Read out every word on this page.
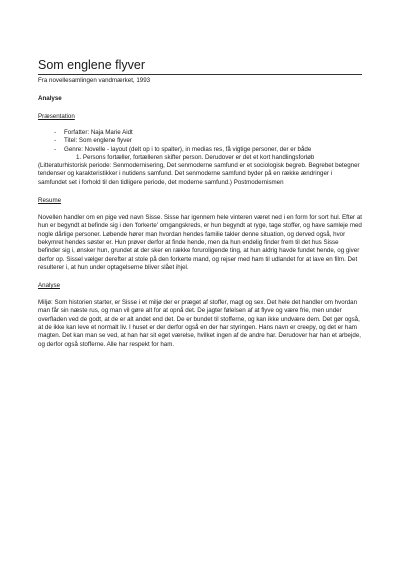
Som englene flyver

Fra novellesamlingen vandmærket, 1993

Analyse

Præsentation

- Forfatter: Naja Marie Aidt
- Titel: Som englene flyver
- Genre: Novelle - layout (delt op i to spalter), in medias res, få vigtige personer, der er både

1. Persons fortæller, fortælleren skifter person. Derudover er det et kort handlingsforløb

(Litteraturhistorisk periode: Senmodernisering, Det senmoderne samfund er et sociologisk begreb. Begrebet betegner tendenser og karakteristikker i nutidens samfund. Det senmoderne samfund byder på en række ændringer i samfundet set i forhold til den tidligere periode, det moderne samfund.) Postmodernismen

Resume

Novellen handler om en pige ved navn Sisse. Sisse har igennem hele vinteren været ned i en form for sort hul. Efter at hun er begyndt at befinde sig i den 'forkerte' omgangskreds, er hun begyndt at ryge, tage stoffer, og have samleje med nogle dårlige personer. Løbende hører man hvordan hendes familie takler denne situation, og derved også, hvor bekymret hendes søster er. Hun prøver derfor at finde hende, men da hun endelig finder frem til det hus Sisse befinder sig i, ønsker hun, grundet at der sker en række foruroligende ting, at hun aldrig havde fundet hende, og giver derfor op. Sissel vælger derefter at stole på den forkerte mand, og rejser med ham til udlandet for at lave en film. Det resulterer i, at hun under optagelserne bliver slået ihjel.

Analyse

Miljø: Som historien starter, er Sisse i et miljø der er præget af stoffer, magt og sex. Det hele det handler om hvordan man får sin næste rus, og man vil gøre alt for at opnå det. De jagter følelsen af at flyve og være frie, men under overfladen ved de godt, at de er alt andet end det. De er bundet til stofferne, og kan ikke undvære dem. Det gør også, at de ikke kan leve et normalt liv. I huset er der derfor også en der har styringen. Hans navn er creepy, og det er ham magten. Det kan man se ved, at han har sit eget værelse, hvilket ingen af de andre har. Derudover har han et arbejde, og derfor også stofferne. Alle har respekt for ham.
